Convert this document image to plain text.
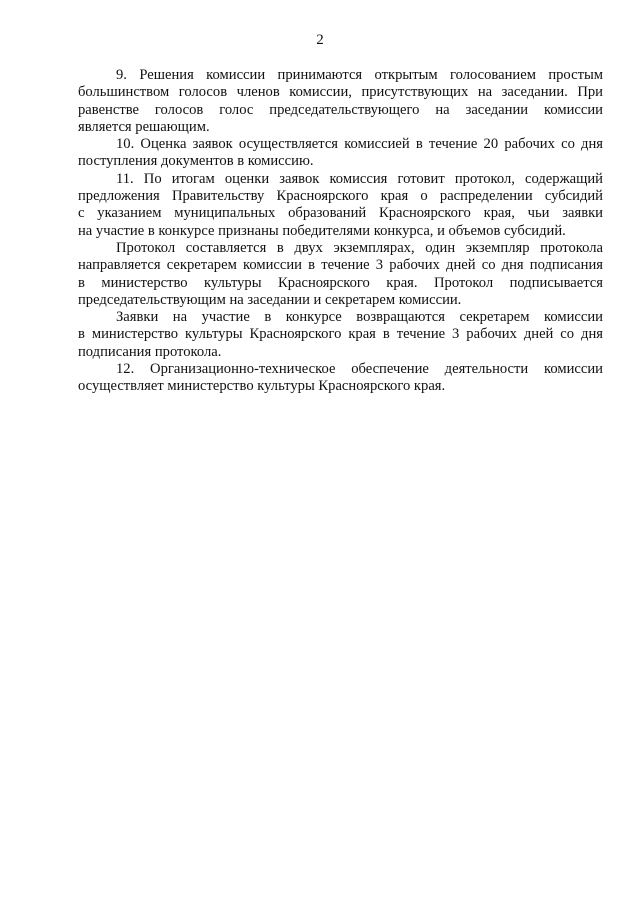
2
9. Решения комиссии принимаются открытым голосованием простым
большинством голосов членов комиссии, присутствующих на заседании. При
равенстве голосов голос председательствующего на заседании комиссии
является решающим.
10. Оценка заявок осуществляется комиссией в течение 20 рабочих со дня
поступления документов в комиссию.
11. По итогам оценки заявок комиссия готовит протокол, содержащий
предложения Правительству Красноярского края о распределении субсидий
с указанием муниципальных образований Красноярского края, чьи заявки
на участие в конкурсе признаны победителями конкурса, и объемов субсидий.
Протокол составляется в двух экземплярах, один экземпляр протокола
направляется секретарем комиссии в течение 3 рабочих дней со дня подписания
в министерство культуры Красноярского края. Протокол подписывается
председательствующим на заседании и секретарем комиссии.
Заявки на участие в конкурсе возвращаются секретарем комиссии
в министерство культуры Красноярского края в течение 3 рабочих дней со дня
подписания протокола.
12. Организационно-техническое обеспечение деятельности комиссии
осуществляет министерство культуры Красноярского края.
